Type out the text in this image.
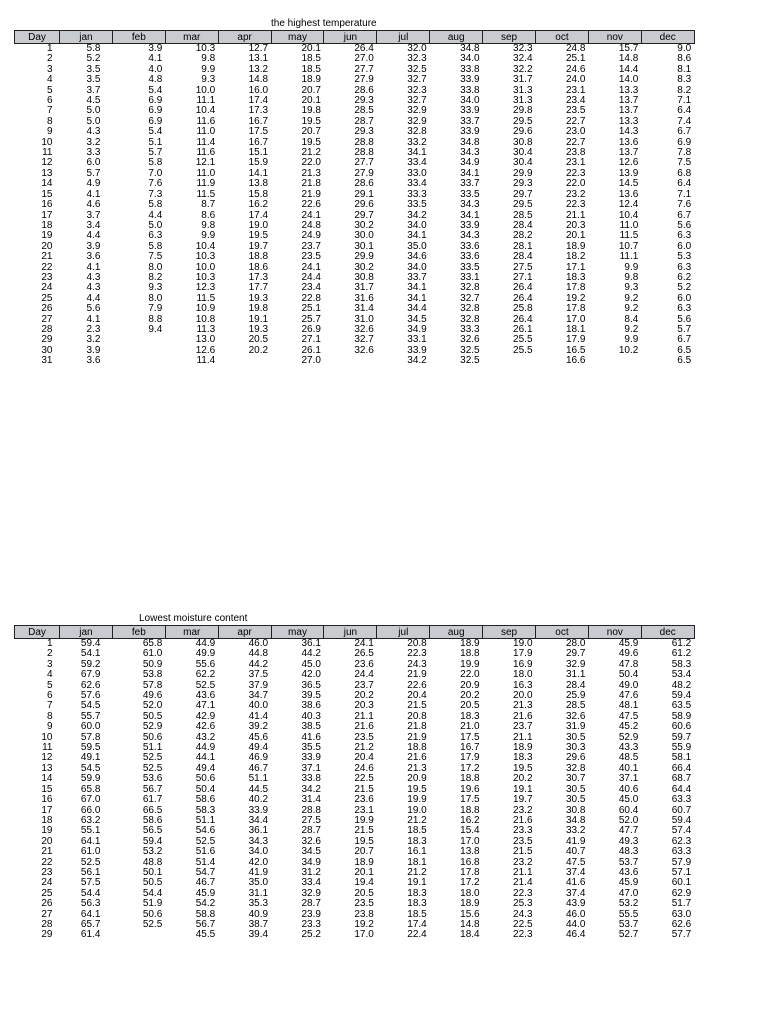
the highest temperature
Day	jan	feb	mar	apr	may	jun	jul	aug	sep	oct	nov	dec
1	5.8	3.9	10.3	12.7	20.1	26.4	32.0	34.8	32.3	24.8	15.7	9.0
2	5.2	4.1	9.8	13.1	18.5	27.0	32.3	34.0	32.4	25.1	14.8	8.6
3	3.5	4.0	9.9	13.2	18.5	27.7	32.5	33.8	32.2	24.6	14.4	8.1
4	3.5	4.8	9.3	14.8	18.9	27.9	32.7	33.9	31.7	24.0	14.0	8.3
5	3.7	5.4	10.0	16.0	20.7	28.6	32.3	33.8	31.3	23.1	13.3	8.2
6	4.5	6.9	11.1	17.4	20.1	29.3	32.7	34.0	31.3	23.4	13.7	7.1
7	5.0	6.9	10.4	17.3	19.8	28.5	32.9	33.9	29.8	23.5	13.7	6.4
8	5.0	6.9	11.6	16.7	19.5	28.7	32.9	33.7	29.5	22.7	13.3	7.4
9	4.3	5.4	11.0	17.5	20.7	29.3	32.8	33.9	29.6	23.0	14.3	6.7
10	3.2	5.1	11.4	16.7	19.5	28.8	33.2	34.8	30.8	22.7	13.6	6.9
11	3.3	5.7	11.6	15.1	21.2	28.8	34.1	34.3	30.4	23.8	13.7	7.8
12	6.0	5.8	12.1	15.9	22.0	27.7	33.4	34.9	30.4	23.1	12.6	7.5
13	5.7	7.0	11.0	14.1	21.3	27.9	33.0	34.1	29.9	22.3	13.9	6.8
14	4.9	7.6	11.9	13.8	21.8	28.6	33.4	33.7	29.3	22.0	14.5	6.4
15	4.1	7.3	11.5	15.8	21.9	29.1	33.3	33.5	29.7	23.2	13.6	7.1
16	4.6	5.8	8.7	16.2	22.6	29.6	33.5	34.3	29.5	22.3	12.4	7.6
17	3.7	4.4	8.6	17.4	24.1	29.7	34.2	34.1	28.5	21.1	10.4	6.7
18	3.4	5.0	9.8	19.0	24.8	30.2	34.0	33.9	28.4	20.3	11.0	5.6
19	4.4	6.3	9.9	19.5	24.9	30.0	34.1	34.3	28.2	20.1	11.5	6.3
20	3.9	5.8	10.4	19.7	23.7	30.1	35.0	33.6	28.1	18.9	10.7	6.0
21	3.6	7.5	10.3	18.8	23.5	29.9	34.6	33.6	28.4	18.2	11.1	5.3
22	4.1	8.0	10.0	18.6	24.1	30.2	34.0	33.5	27.5	17.1	9.9	6.3
23	4.3	8.2	10.3	17.3	24.4	30.8	33.7	33.1	27.1	18.3	9.8	6.2
24	4.3	9.3	12.3	17.7	23.4	31.7	34.1	32.8	26.4	17.8	9.3	5.2
25	4.4	8.0	11.5	19.3	22.8	31.6	34.1	32.7	26.4	19.2	9.2	6.0
26	5.6	7.9	10.9	19.8	25.1	31.4	34.4	32.8	25.8	17.8	9.2	6.3
27	4.1	8.8	10.8	19.1	25.7	31.0	34.5	32.8	26.4	17.0	8.4	5.6
28	2.3	9.4	11.3	19.3	26.9	32.6	34.9	33.3	26.1	18.1	9.2	5.7
29	3.2		13.0	20.5	27.1	32.7	33.1	32.6	25.5	17.9	9.9	6.7
30	3.9		12.6	20.2	26.1	32.6	33.9	32.5	25.5	16.5	10.2	6.5
31	3.6		11.4		27.0		34.2	32.5		16.6		6.5
Lowest moisture content
Day	jan	feb	mar	apr	may	jun	jul	aug	sep	oct	nov	dec
1	59.4	65.8	44.9	46.0	36.1	24.1	20.8	18.9	19.0	28.0	45.9	61.2
2	54.1	61.0	49.9	44.8	44.2	26.5	22.3	18.8	17.9	29.7	49.6	61.2
3	59.2	50.9	55.6	44.2	45.0	23.6	24.3	19.9	16.9	32.9	47.8	58.3
4	67.9	53.8	62.2	37.5	42.0	24.4	21.9	22.0	18.0	31.1	50.4	53.4
5	62.6	57.8	52.5	37.9	36.5	23.7	22.6	20.9	16.3	28.4	49.0	48.2
6	57.6	49.6	43.6	34.7	39.5	20.2	20.4	20.2	20.0	25.9	47.6	59.4
7	54.5	52.0	47.1	40.0	38.6	20.3	21.5	20.5	21.3	28.5	48.1	63.5
8	55.7	50.5	42.9	41.4	40.3	21.1	20.8	18.3	21.6	32.6	47.5	58.9
9	60.0	52.9	42.6	39.2	38.5	21.6	21.8	21.0	23.7	31.9	45.2	60.6
10	57.8	50.6	43.2	45.6	41.6	23.5	21.9	17.5	21.1	30.5	52.9	59.7
11	59.5	51.1	44.9	49.4	35.5	21.2	18.8	16.7	18.9	30.3	43.3	55.9
12	49.1	52.5	44.1	46.9	33.9	20.4	21.6	17.9	18.3	29.6	48.5	58.1
13	54.5	52.5	49.4	46.7	37.1	24.6	21.3	17.2	19.5	32.8	40.1	66.4
14	59.9	53.6	50.6	51.1	33.8	22.5	20.9	18.8	20.2	30.7	37.1	68.7
15	65.8	56.7	50.4	44.5	34.2	21.5	19.5	19.6	19.1	30.5	40.6	64.4
16	67.0	61.7	58.6	40.2	31.4	23.6	19.9	17.5	19.7	30.5	45.0	63.3
17	66.0	66.5	58.3	33.9	28.8	23.1	19.0	18.8	23.2	30.8	60.4	60.7
18	63.2	58.6	51.1	34.4	27.5	19.9	21.2	16.2	21.6	34.8	52.0	59.4
19	55.1	56.5	54.6	36.1	28.7	21.5	18.5	15.4	23.3	33.2	47.7	57.4
20	64.1	59.4	52.5	34.3	32.6	19.5	18.3	17.0	23.5	41.9	49.3	62.3
21	61.0	53.2	51.6	34.0	34.5	20.7	16.1	13.8	21.5	40.7	48.3	63.3
22	52.5	48.8	51.4	42.0	34.9	18.9	18.1	16.8	23.2	47.5	53.7	57.9
23	56.1	50.1	54.7	41.9	31.2	20.1	21.2	17.8	21.1	37.4	43.6	57.1
24	57.5	50.5	46.7	35.0	33.4	19.4	19.1	17.2	21.4	41.6	45.9	60.1
25	54.4	54.4	45.9	31.1	32.9	20.5	18.3	18.0	22.3	37.4	47.0	62.9
26	56.3	51.9	54.2	35.3	28.7	23.5	18.3	18.9	25.3	43.9	53.2	51.7
27	64.1	50.6	58.8	40.9	23.9	23.8	18.5	15.6	24.3	46.0	55.5	63.0
28	65.7	52.5	56.7	38.7	23.3	19.2	17.4	14.8	22.5	44.0	53.7	62.6
29	61.4		45.5	39.4	25.2	17.0	22.4	18.4	22.3	46.4	52.7	57.7
